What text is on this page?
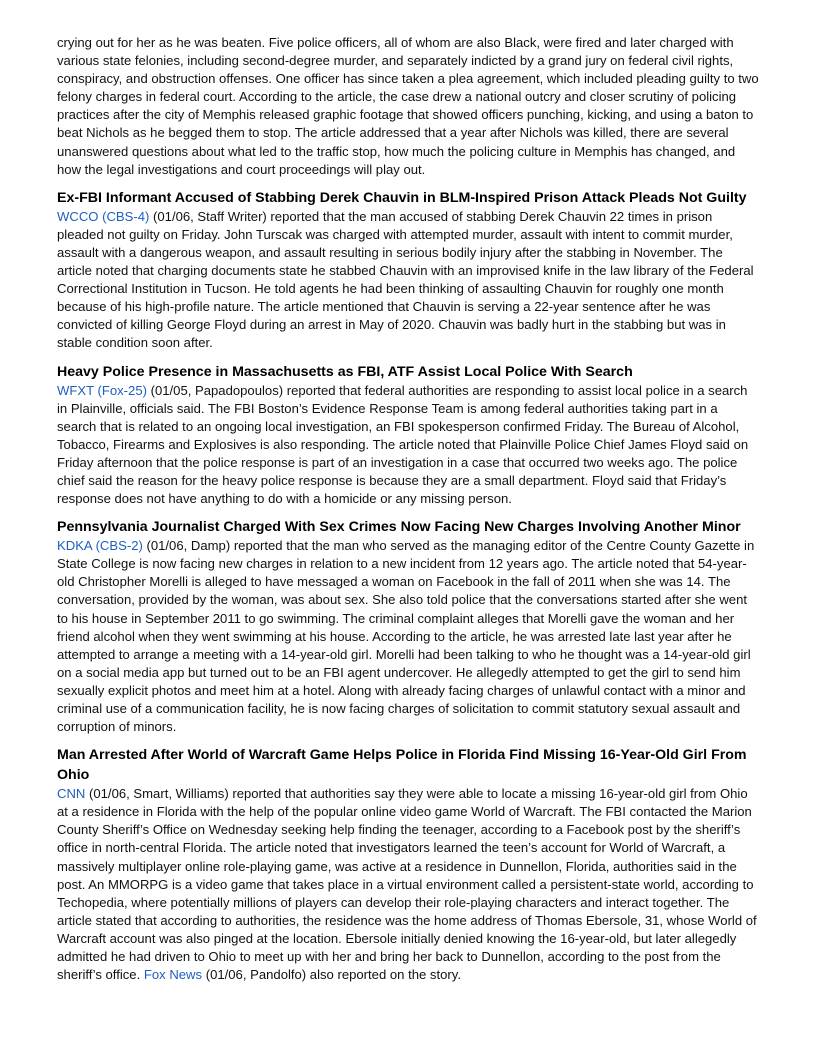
crying out for her as he was beaten. Five police officers, all of whom are also Black, were fired and later charged with various state felonies, including second-degree murder, and separately indicted by a grand jury on federal civil rights, conspiracy, and obstruction offenses. One officer has since taken a plea agreement, which included pleading guilty to two felony charges in federal court. According to the article, the case drew a national outcry and closer scrutiny of policing practices after the city of Memphis released graphic footage that showed officers punching, kicking, and using a baton to beat Nichols as he begged them to stop. The article addressed that a year after Nichols was killed, there are several unanswered questions about what led to the traffic stop, how much the policing culture in Memphis has changed, and how the legal investigations and court proceedings will play out.

Ex-FBI Informant Accused of Stabbing Derek Chauvin in BLM-Inspired Prison Attack Pleads Not Guilty

WCCO (CBS-4) (01/06, Staff Writer) reported that the man accused of stabbing Derek Chauvin 22 times in prison pleaded not guilty on Friday. John Turscak was charged with attempted murder, assault with intent to commit murder, assault with a dangerous weapon, and assault resulting in serious bodily injury after the stabbing in November. The article noted that charging documents state he stabbed Chauvin with an improvised knife in the law library of the Federal Correctional Institution in Tucson. He told agents he had been thinking of assaulting Chauvin for roughly one month because of his high-profile nature. The article mentioned that Chauvin is serving a 22-year sentence after he was convicted of killing George Floyd during an arrest in May of 2020. Chauvin was badly hurt in the stabbing but was in stable condition soon after.

Heavy Police Presence in Massachusetts as FBI, ATF Assist Local Police With Search

WFXT (Fox-25) (01/05, Papadopoulos) reported that federal authorities are responding to assist local police in a search in Plainville, officials said. The FBI Boston’s Evidence Response Team is among federal authorities taking part in a search that is related to an ongoing local investigation, an FBI spokesperson confirmed Friday. The Bureau of Alcohol, Tobacco, Firearms and Explosives is also responding. The article noted that Plainville Police Chief James Floyd said on Friday afternoon that the police response is part of an investigation in a case that occurred two weeks ago. The police chief said the reason for the heavy police response is because they are a small department. Floyd said that Friday’s response does not have anything to do with a homicide or any missing person.

Pennsylvania Journalist Charged With Sex Crimes Now Facing New Charges Involving Another Minor

KDKA (CBS-2) (01/06, Damp) reported that the man who served as the managing editor of the Centre County Gazette in State College is now facing new charges in relation to a new incident from 12 years ago. The article noted that 54-year-old Christopher Morelli is alleged to have messaged a woman on Facebook in the fall of 2011 when she was 14. The conversation, provided by the woman, was about sex. She also told police that the conversations started after she went to his house in September 2011 to go swimming. The criminal complaint alleges that Morelli gave the woman and her friend alcohol when they went swimming at his house. According to the article, he was arrested late last year after he attempted to arrange a meeting with a 14-year-old girl. Morelli had been talking to who he thought was a 14-year-old girl on a social media app but turned out to be an FBI agent undercover. He allegedly attempted to get the girl to send him sexually explicit photos and meet him at a hotel. Along with already facing charges of unlawful contact with a minor and criminal use of a communication facility, he is now facing charges of solicitation to commit statutory sexual assault and corruption of minors.

Man Arrested After World of Warcraft Game Helps Police in Florida Find Missing 16-Year-Old Girl From Ohio

CNN (01/06, Smart, Williams) reported that authorities say they were able to locate a missing 16-year-old girl from Ohio at a residence in Florida with the help of the popular online video game World of Warcraft. The FBI contacted the Marion County Sheriff’s Office on Wednesday seeking help finding the teenager, according to a Facebook post by the sheriff’s office in north-central Florida. The article noted that investigators learned the teen’s account for World of Warcraft, a massively multiplayer online role-playing game, was active at a residence in Dunnellon, Florida, authorities said in the post. An MMORPG is a video game that takes place in a virtual environment called a persistent-state world, according to Techopedia, where potentially millions of players can develop their role-playing characters and interact together. The article stated that according to authorities, the residence was the home address of Thomas Ebersole, 31, whose World of Warcraft account was also pinged at the location. Ebersole initially denied knowing the 16-year-old, but later allegedly admitted he had driven to Ohio to meet up with her and bring her back to Dunnellon, according to the post from the sheriff’s office. Fox News (01/06, Pandolfo) also reported on the story.
